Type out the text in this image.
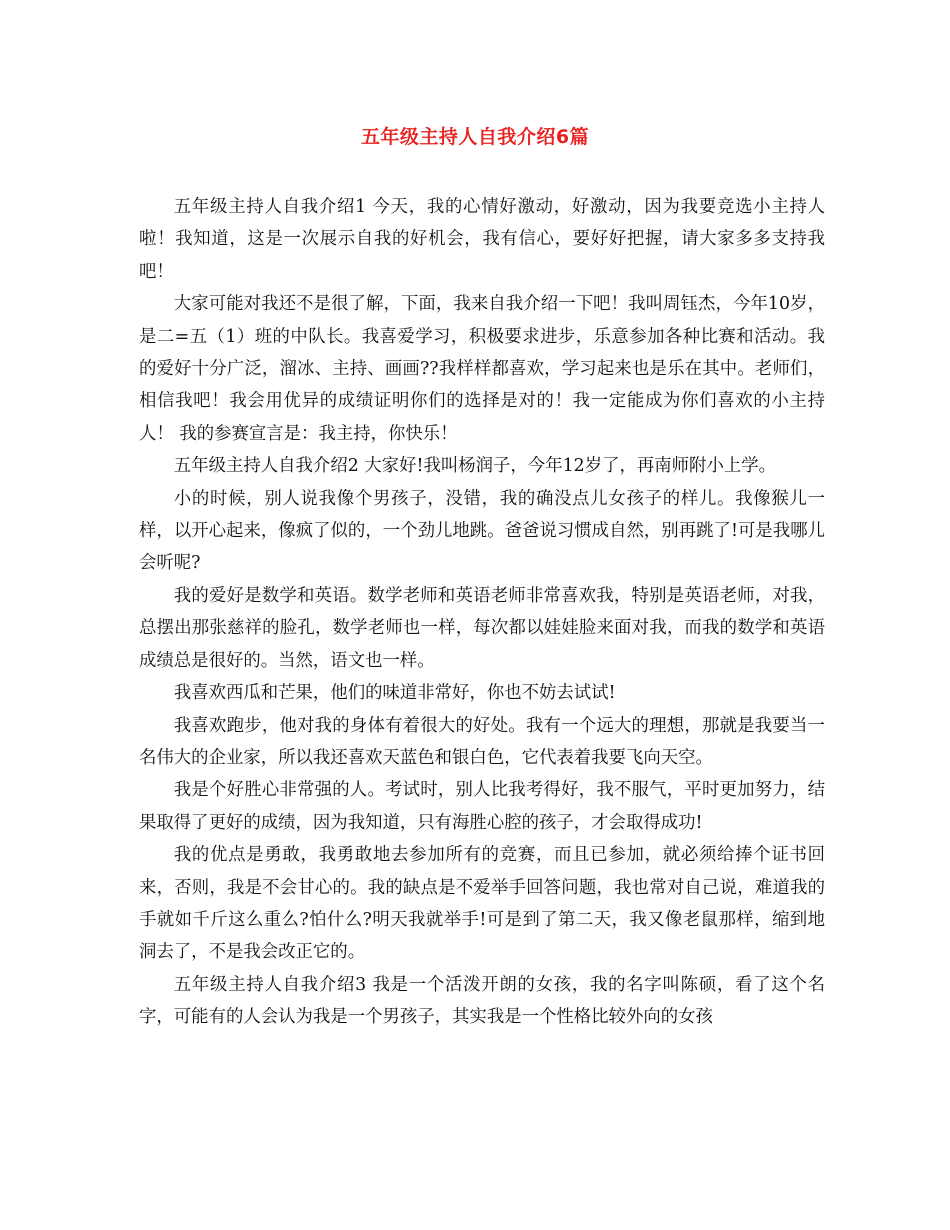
五年级主持人自我介绍6篇

五年级主持人自我介绍1 今天，我的心情好激动，好激动，因为我要竞选小主持人啦！我知道，这是一次展示自我的好机会，我有信心，要好好把握，请大家多多支持我吧！

大家可能对我还不是很了解，下面，我来自我介绍一下吧！我叫周钰杰，今年10岁，是二=五（1）班的中队长。我喜爱学习，积极要求进步，乐意参加各种比赛和活动。我的爱好十分广泛，溜冰、主持、画画??我样样都喜欢，学习起来也是乐在其中。老师们，相信我吧！我会用优异的成绩证明你们的选择是对的！我一定能成为你们喜欢的小主持人！ 我的参赛宣言是：我主持，你快乐！

五年级主持人自我介绍2 大家好!我叫杨润子，今年12岁了，再南师附小上学。

小的时候，别人说我像个男孩子，没错，我的确没点儿女孩子的样儿。我像猴儿一样，以开心起来，像疯了似的，一个劲儿地跳。爸爸说习惯成自然，别再跳了!可是我哪儿会听呢?

我的爱好是数学和英语。数学老师和英语老师非常喜欢我，特别是英语老师，对我，总摆出那张慈祥的脸孔，数学老师也一样，每次都以娃娃脸来面对我，而我的数学和英语成绩总是很好的。当然，语文也一样。

我喜欢西瓜和芒果，他们的味道非常好，你也不妨去试试!

我喜欢跑步，他对我的身体有着很大的好处。我有一个远大的理想，那就是我要当一名伟大的企业家，所以我还喜欢天蓝色和银白色，它代表着我要飞向天空。

我是个好胜心非常强的人。考试时，别人比我考得好，我不服气，平时更加努力，结果取得了更好的成绩，因为我知道，只有海胜心腔的孩子，才会取得成功!

我的优点是勇敢，我勇敢地去参加所有的竞赛，而且已参加，就必须给捧个证书回来，否则，我是不会甘心的。我的缺点是不爱举手回答问题，我也常对自己说，难道我的手就如千斤这么重么?怕什么?明天我就举手!可是到了第二天，我又像老鼠那样，缩到地洞去了，不是我会改正它的。

五年级主持人自我介绍3 我是一个活泼开朗的女孩，我的名字叫陈硕，看了这个名字，可能有的人会认为我是一个男孩子，其实我是一个性格比较外向的女孩
